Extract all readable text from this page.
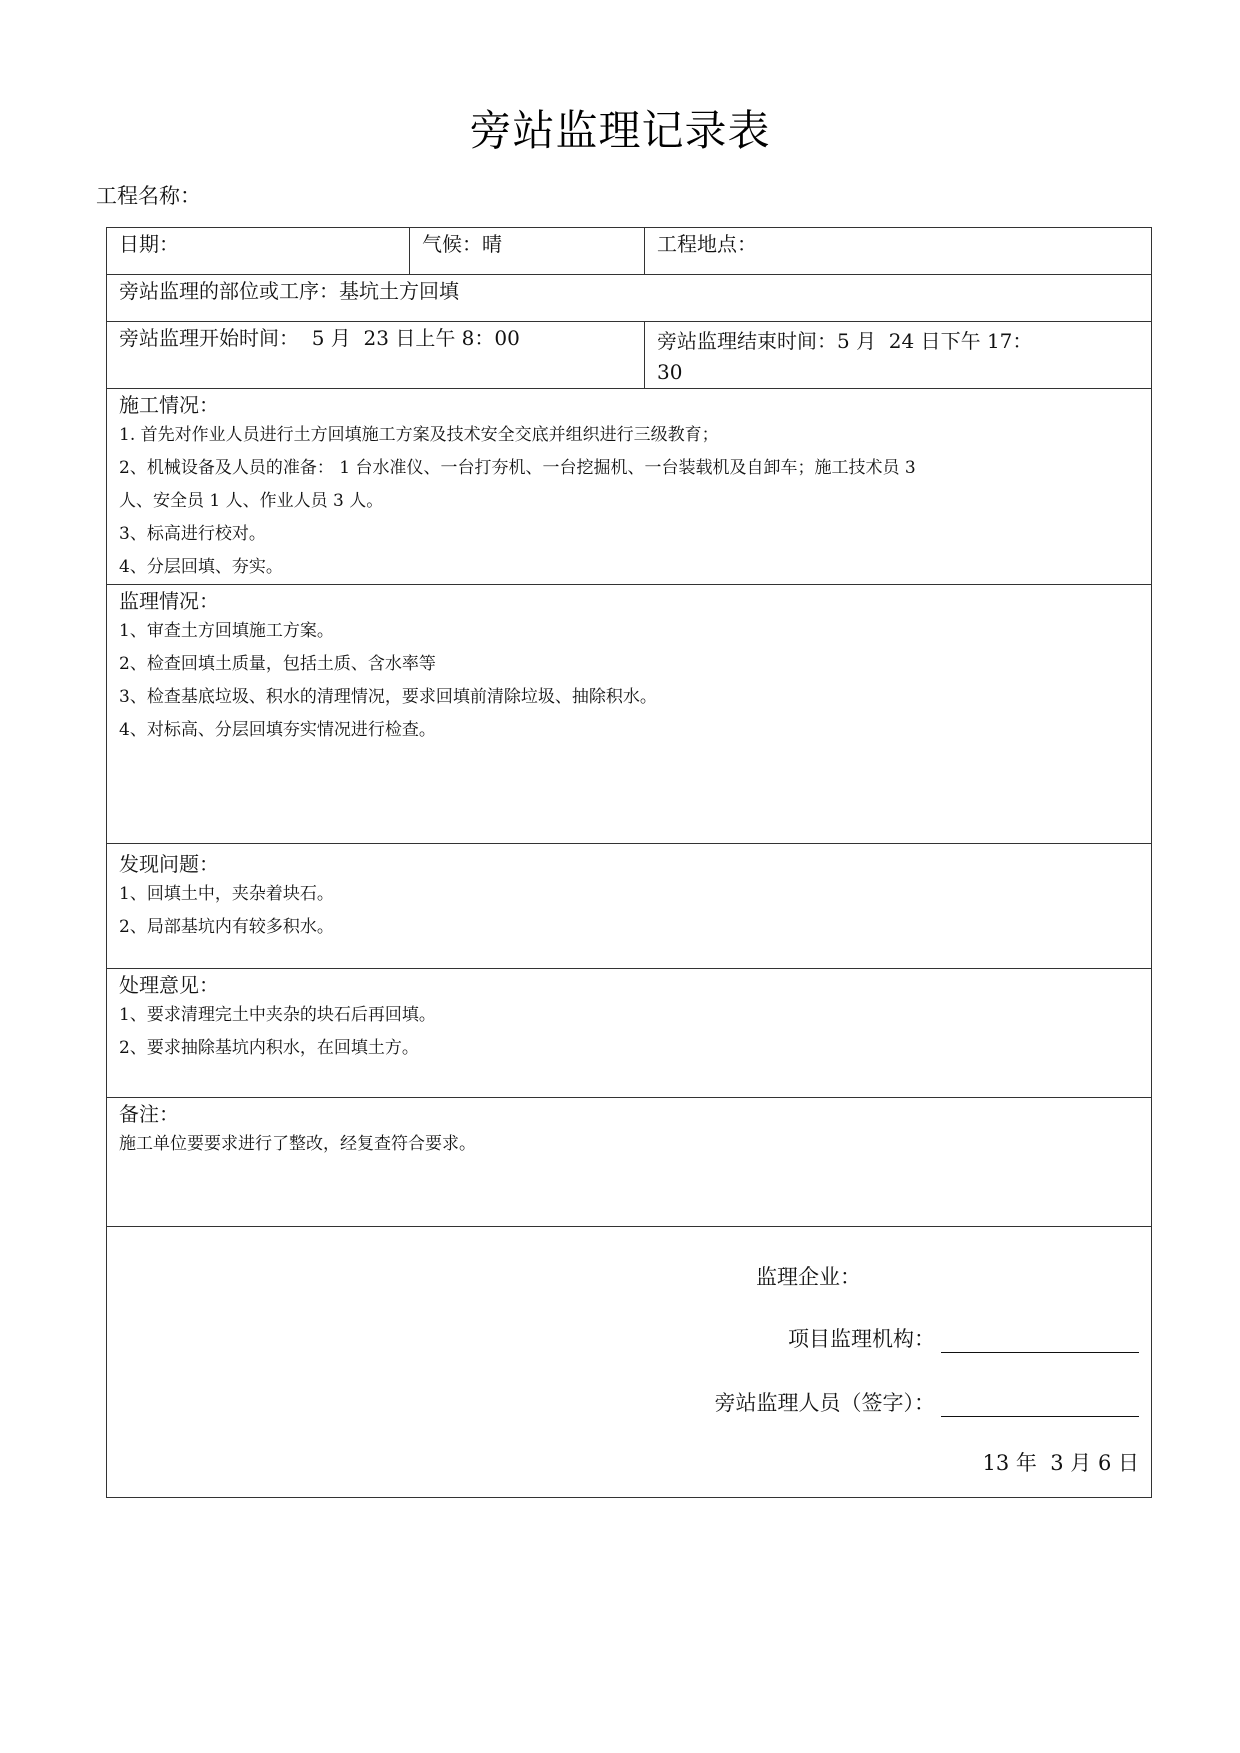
旁站监理记录表
工程名称：
日期：	气候：晴	工程地点：
旁站监理的部位或工序：基坑土方回填		
旁站监理开始时间：  5 月  23 日上午 8：00		旁站监理结束时间：5 月  24 日下午 17：
30

施工情况：
1. 首先对作业人员进行土方回填施工方案及技术安全交底并组织进行三级教育；
2、机械设备及人员的准备： 1 台水准仪、一台打夯机、一台挖掘机、一台装载机及自卸车；施工技术员 3
人、安全员 1 人、作业人员 3 人。
3、标高进行校对。
4、分层回填、夯实。

监理情况：
1、审查土方回填施工方案。
2、检查回填土质量，包括土质、含水率等
3、检查基底垃圾、积水的清理情况，要求回填前清除垃圾、抽除积水。
4、对标高、分层回填夯实情况进行检查。		

发现问题：
1、回填土中，夹杂着块石。
2、局部基坑内有较多积水。		

处理意见：
1、要求清理完土中夹杂的块石后再回填。
2、要求抽除基坑内积水，在回填土方。		

备注：
施工单位要要求进行了整改，经复查符合要求。		

监理企业：
项目监理机构：
旁站监理人员（签字）：
13 年  3 月 6 日		
